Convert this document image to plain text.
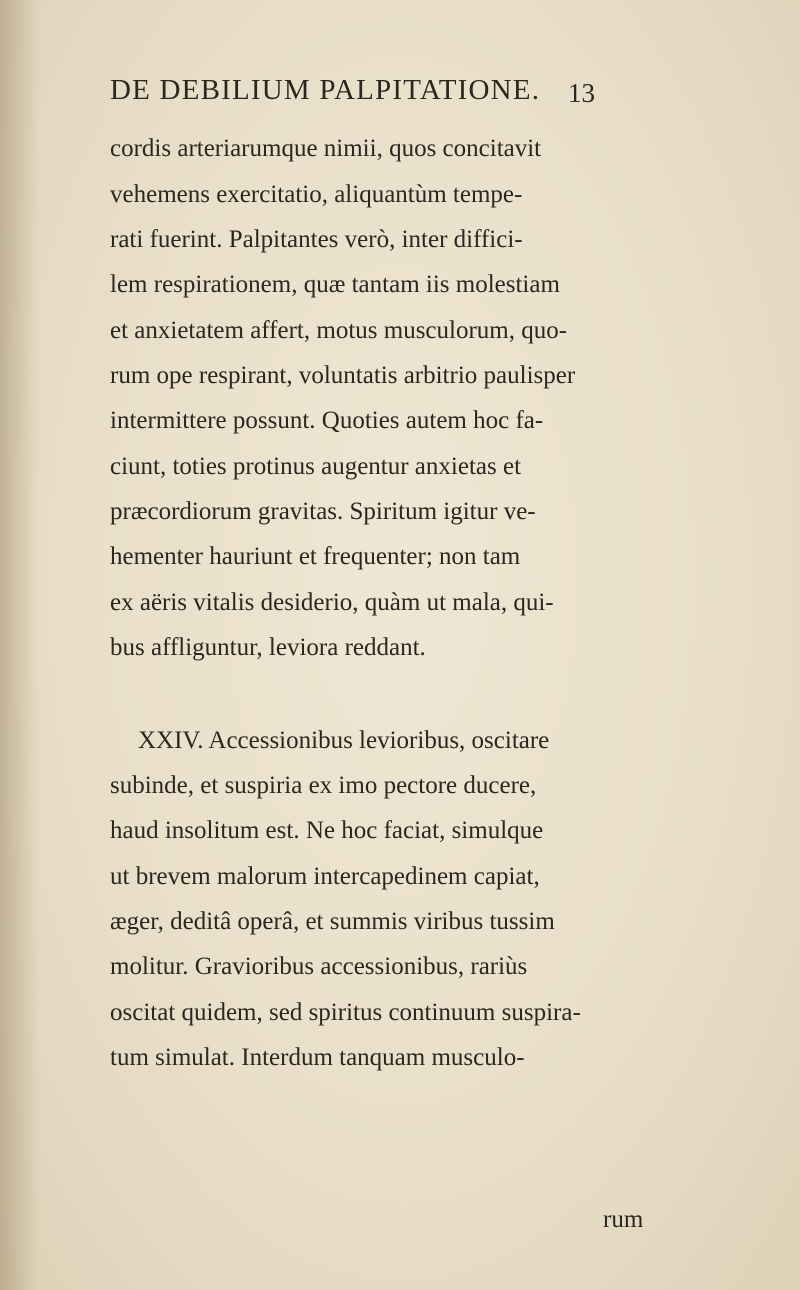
DE DEBILIUM PALPITATIONE. 13
cordis arteriarumque nimii, quos concitavit
vehemens exercitatio, aliquantùm tempe-
rati fuerint. Palpitantes verò, inter diffici-
lem respirationem, quæ tantam iis molestiam
et anxietatem affert, motus musculorum, quo-
rum ope respirant, voluntatis arbitrio paulisper
intermittere possunt. Quoties autem hoc fa-
ciunt, toties protinus augentur anxietas et
præcordiorum gravitas. Spiritum igitur ve-
hementer hauriunt et frequenter; non tam
ex aëris vitalis desiderio, quàm ut mala, qui-
bus affliguntur, leviora reddant.
XXIV. Accessionibus levioribus, oscitare
subinde, et suspiria ex imo pectore ducere,
haud insolitum est. Ne hoc faciat, simulque
ut brevem malorum intercapedinem capiat,
æger, deditâ operâ, et summis viribus tussim
molitur. Gravioribus accessionibus, rariùs
oscitat quidem, sed spiritus continuum suspira-
tum simulat. Interdum tanquam musculo-
rum
